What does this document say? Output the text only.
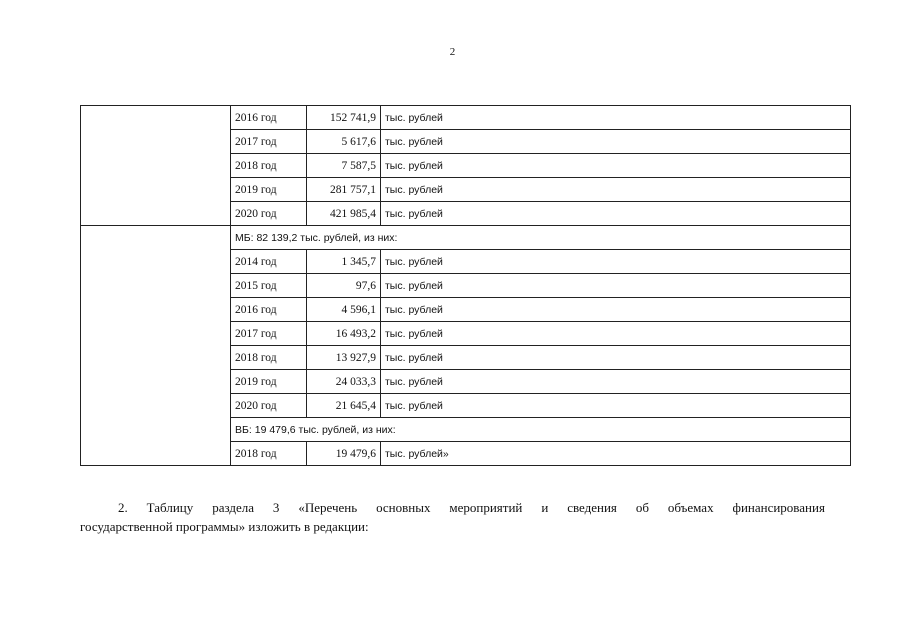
2
	2016 год	152 741,9	тыс. рублей
	2017 год	5 617,6	тыс. рублей
	2018 год	7 587,5	тыс. рублей
	2019 год	281 757,1	тыс. рублей
	2020 год	421 985,4	тыс. рублей
	МБ: 82 139,2 тыс. рублей, из них:		
	2014 год	1 345,7	тыс. рублей
	2015 год	97,6	тыс. рублей
	2016 год	4 596,1	тыс. рублей
	2017 год	16 493,2	тыс. рублей
	2018 год	13 927,9	тыс. рублей
	2019 год	24 033,3	тыс. рублей
	2020 год	21 645,4	тыс. рублей
	ВБ: 19 479,6 тыс. рублей, из них:		
	2018 год	19 479,6	тыс. рублей»
2. Таблицу раздела 3 «Перечень основных мероприятий и сведения об объемах финансирования
государственной программы» изложить в редакции:
